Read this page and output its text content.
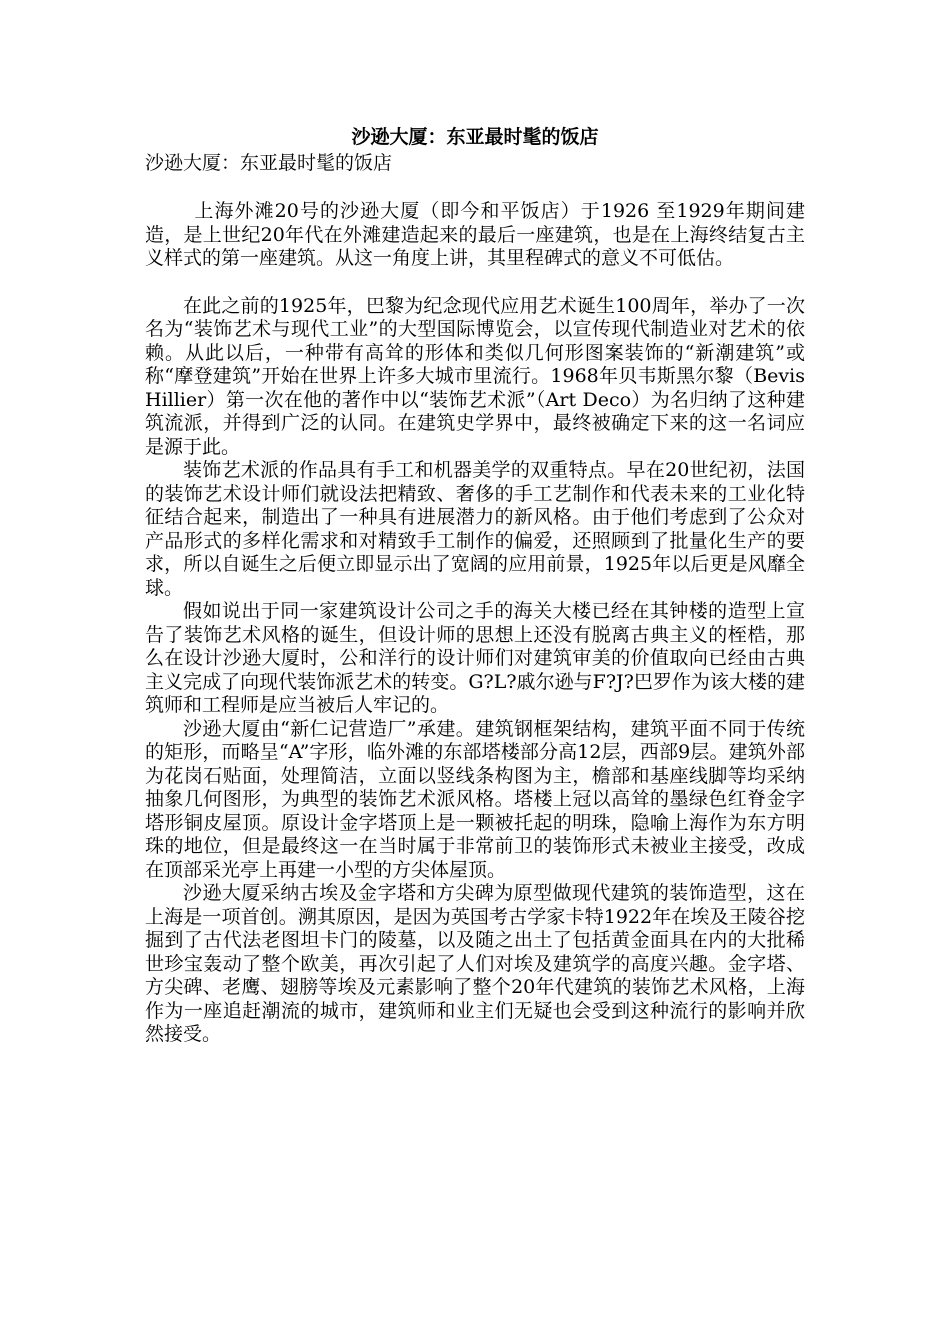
沙逊大厦：东亚最时髦的饭店
沙逊大厦：东亚最时髦的饭店

上海外滩20号的沙逊大厦（即今和平饭店）于1926 至1929年期间建造，是上世纪20年代在外滩建造起来的最后一座建筑，也是在上海终结复古主义样式的第一座建筑。从这一角度上讲，其里程碑式的意义不可低估。

在此之前的1925年，巴黎为纪念现代应用艺术诞生100周年，举办了一次名为“装饰艺术与现代工业”的大型国际博览会，以宣传现代制造业对艺术的依赖。从此以后，一种带有高耸的形体和类似几何形图案装饰的“新潮建筑”或称“摩登建筑”开始在世界上许多大城市里流行。1968年贝韦斯黑尔黎（Bevis Hillier）第一次在他的著作中以“装饰艺术派”（Art Deco）为名归纳了这种建筑流派，并得到广泛的认同。在建筑史学界中，最终被确定下来的这一名词应是源于此。

装饰艺术派的作品具有手工和机器美学的双重特点。早在20世纪初，法国的装饰艺术设计师们就设法把精致、奢侈的手工艺制作和代表未来的工业化特征结合起来，制造出了一种具有进展潜力的新风格。由于他们考虑到了公众对产品形式的多样化需求和对精致手工制作的偏爱，还照顾到了批量化生产的要求，所以自诞生之后便立即显示出了宽阔的应用前景，1925年以后更是风靡全球。

假如说出于同一家建筑设计公司之手的海关大楼已经在其钟楼的造型上宣告了装饰艺术风格的诞生，但设计师的思想上还没有脱离古典主义的桎梏，那么在设计沙逊大厦时，公和洋行的设计师们对建筑审美的价值取向已经由古典主义完成了向现代装饰派艺术的转变。G?L?戚尔逊与F?J?巴罗作为该大楼的建筑师和工程师是应当被后人牢记的。

沙逊大厦由“新仁记营造厂”承建。建筑钢框架结构，建筑平面不同于传统的矩形，而略呈“A”字形，临外滩的东部塔楼部分高12层，西部9层。建筑外部为花岗石贴面，处理简洁，立面以竖线条构图为主，檐部和基座线脚等均采纳抽象几何图形，为典型的装饰艺术派风格。塔楼上冠以高耸的墨绿色红脊金字塔形铜皮屋顶。原设计金字塔顶上是一颗被托起的明珠，隐喻上海作为东方明珠的地位，但是最终这一在当时属于非常前卫的装饰形式未被业主接受，改成在顶部采光亭上再建一小型的方尖体屋顶。

沙逊大厦采纳古埃及金字塔和方尖碑为原型做现代建筑的装饰造型，这在上海是一项首创。溯其原因，是因为英国考古学家卡特1922年在埃及王陵谷挖掘到了古代法老图坦卡门的陵墓，以及随之出土了包括黄金面具在内的大批稀世珍宝轰动了整个欧美，再次引起了人们对埃及建筑学的高度兴趣。金字塔、方尖碑、老鹰、翅膀等埃及元素影响了整个20年代建筑的装饰艺术风格，上海作为一座追赶潮流的城市，建筑师和业主们无疑也会受到这种流行的影响并欣然接受。
